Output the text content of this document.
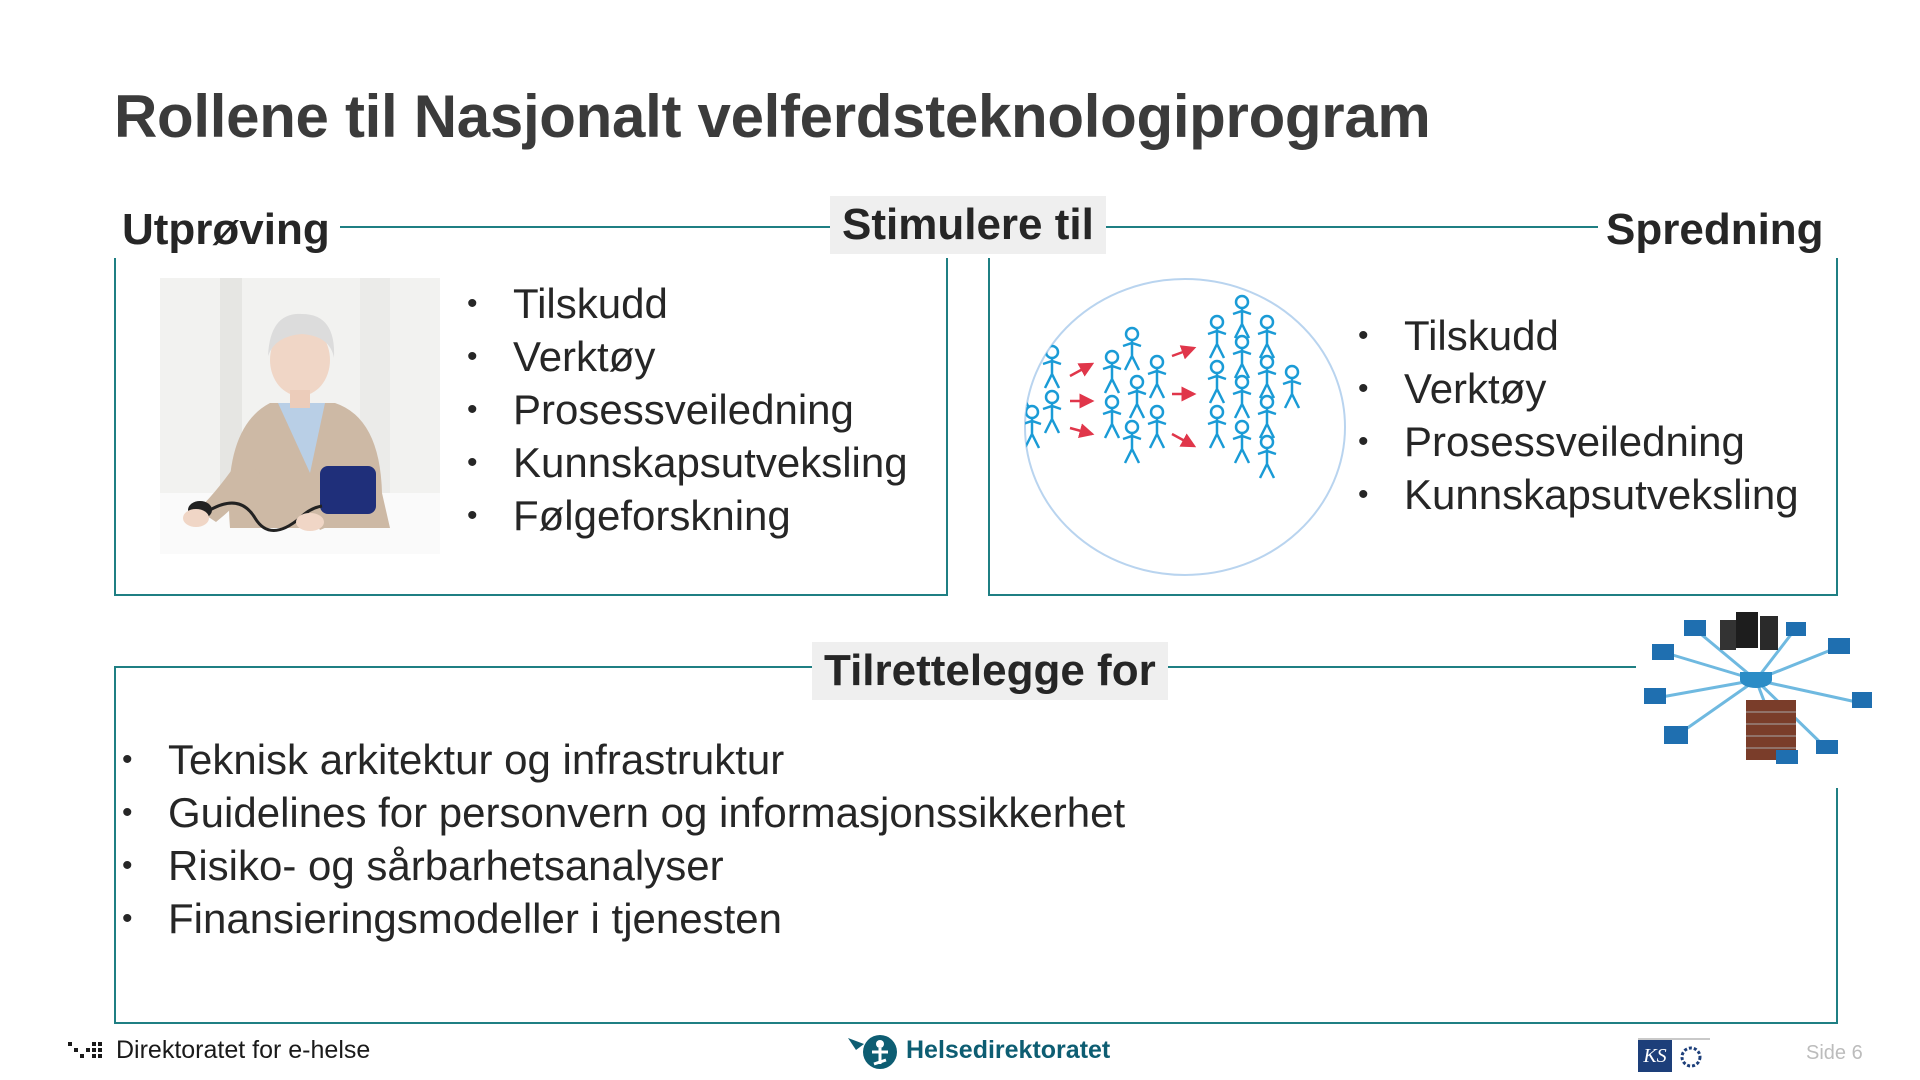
Rollene til Nasjonalt velferdsteknologiprogram
Utprøving	Stimulere til	Spredning
• Tilskudd
• Verktøy
• Prosessveiledning
• Kunnskapsutveksling
• Følgeforskning
• Tilskudd
• Verktøy
• Prosessveiledning
• Kunnskapsutveksling
Tilrettelegge for
• Teknisk arkitektur og infrastruktur
• Guidelines for personvern og informasjonssikkerhet
• Risiko- og sårbarhetsanalyser
• Finansieringsmodeller i tjenesten
Direktoratet for e-helse	Helsedirektoratet	KS	Side 6
